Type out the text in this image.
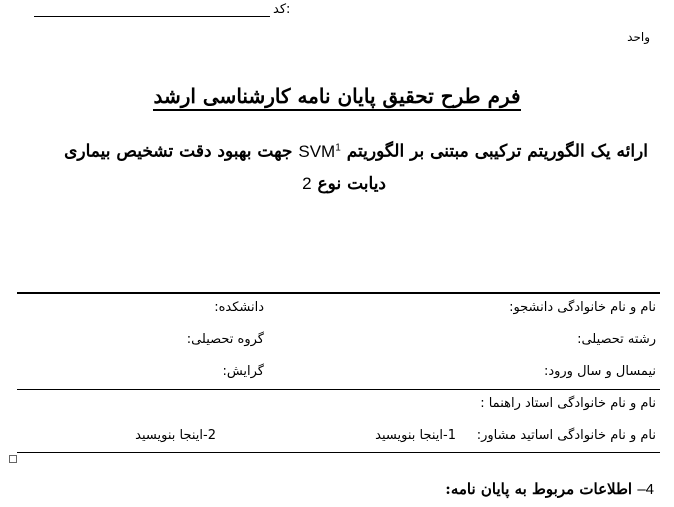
کد:
واحد
فرم طرح تحقیق پایان نامه کارشناسی ارشد
ارائه یک الگوریتم ترکیبی مبتنی بر الگوریتم SVM$^1$ جهت بهبود دقت تشخیص بیماری
دیابت نوع 2
نام و نام خانوادگی دانشجو:
دانشکده:
رشته تحصیلی:
گروه تحصیلی:
نیمسال و سال ورود:
گرایش:
نام و نام خانوادگی استاد راهنما :
نام و نام خانوادگی اساتید مشاور:
1-اینجا بنویسید
2-اینجا بنویسید
4– اطلاعات مربوط به پایان نامه:
